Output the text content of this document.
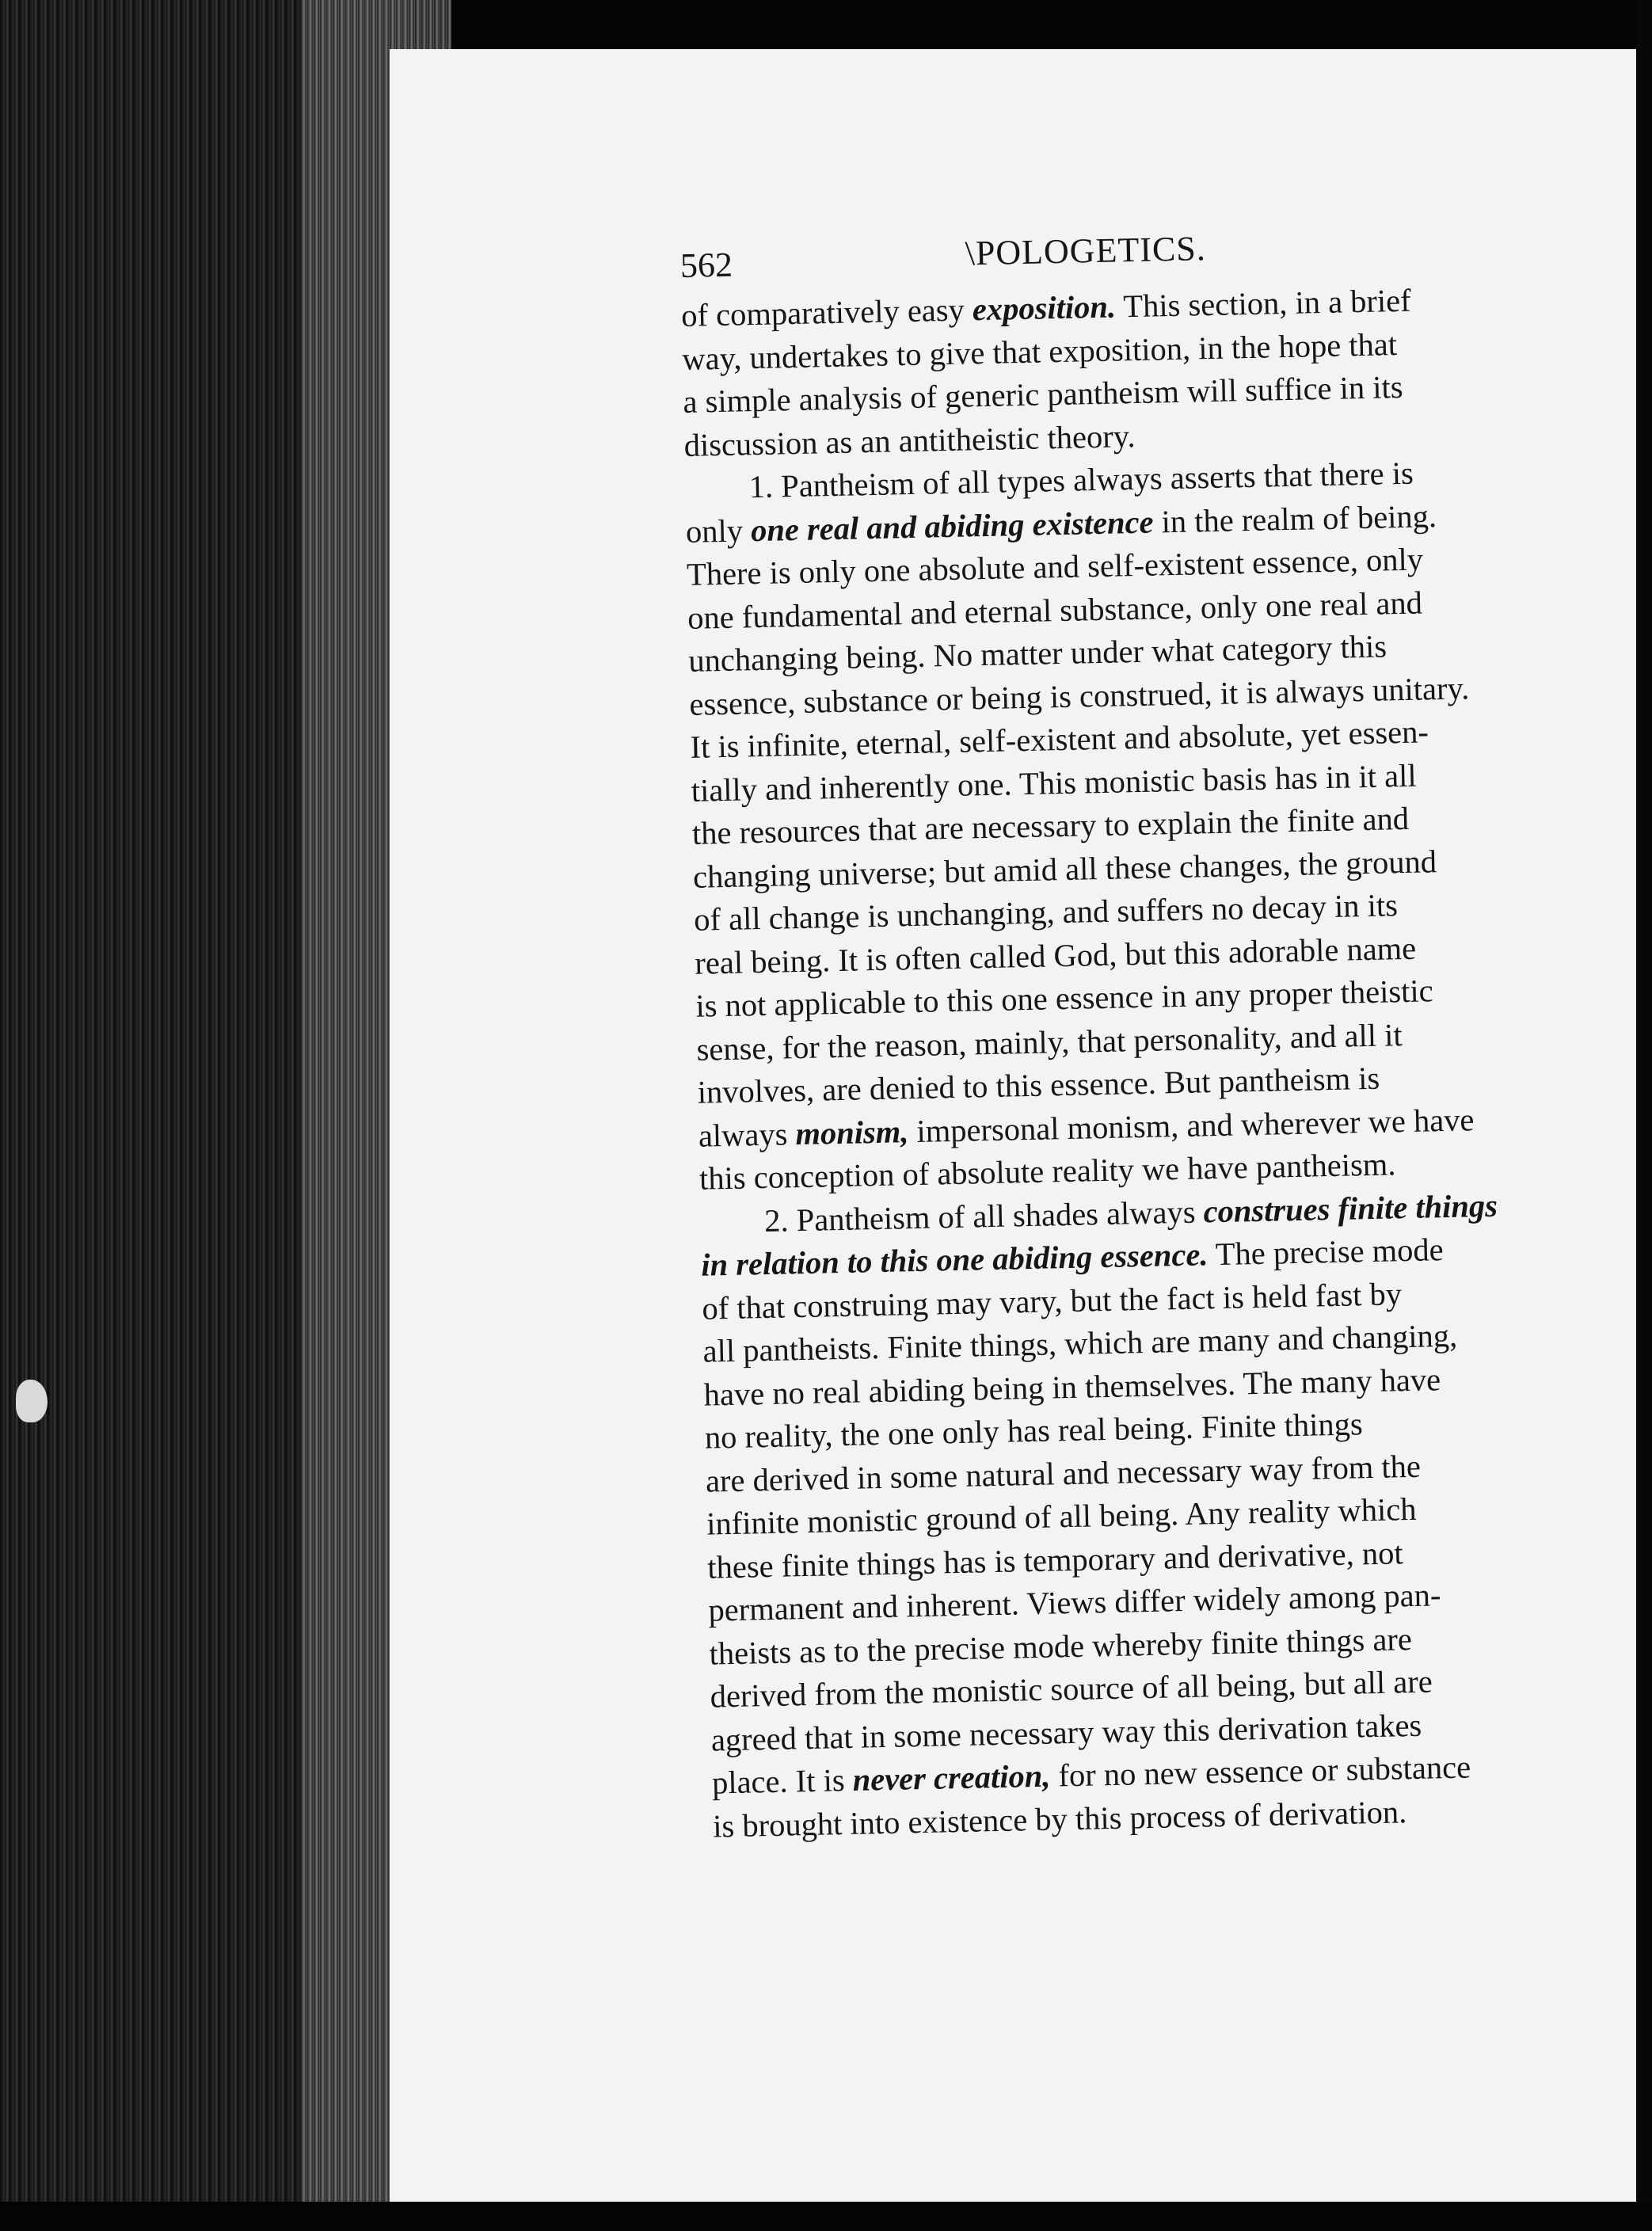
562	\POLOGETICS.
of comparatively easy exposition. This section, in a brief
way, undertakes to give that exposition, in the hope that
a simple analysis of generic pantheism will suffice in its
discussion as an antitheistic theory.
  1. Pantheism of all types always asserts that there is
only one real and abiding existence in the realm of being.
There is only one absolute and self-existent essence, only
one fundamental and eternal substance, only one real and
unchanging being. No matter under what category this
essence, substance or being is construed, it is always unitary.
It is infinite, eternal, self-existent and absolute, yet essen-
tially and inherently one. This monistic basis has in it all
the resources that are necessary to explain the finite and
changing universe; but amid all these changes, the ground
of all change is unchanging, and suffers no decay in its
real being. It is often called God, but this adorable name
is not applicable to this one essence in any proper theistic
sense, for the reason, mainly, that personality, and all it
involves, are denied to this essence. But pantheism is
always monism, impersonal monism, and wherever we have
this conception of absolute reality we have pantheism.
  2. Pantheism of all shades always construes finite things
in relation to this one abiding essence. The precise mode
of that construing may vary, but the fact is held fast by
all pantheists. Finite things, which are many and changing,
have no real abiding being in themselves. The many have
no reality, the one only has real being. Finite things
are derived in some natural and necessary way from the
infinite monistic ground of all being. Any reality which
these finite things has is temporary and derivative, not
permanent and inherent. Views differ widely among pan-
theists as to the precise mode whereby finite things are
derived from the monistic source of all being, but all are
agreed that in some necessary way this derivation takes
place. It is never creation, for no new essence or substance
is brought into existence by this process of derivation.
